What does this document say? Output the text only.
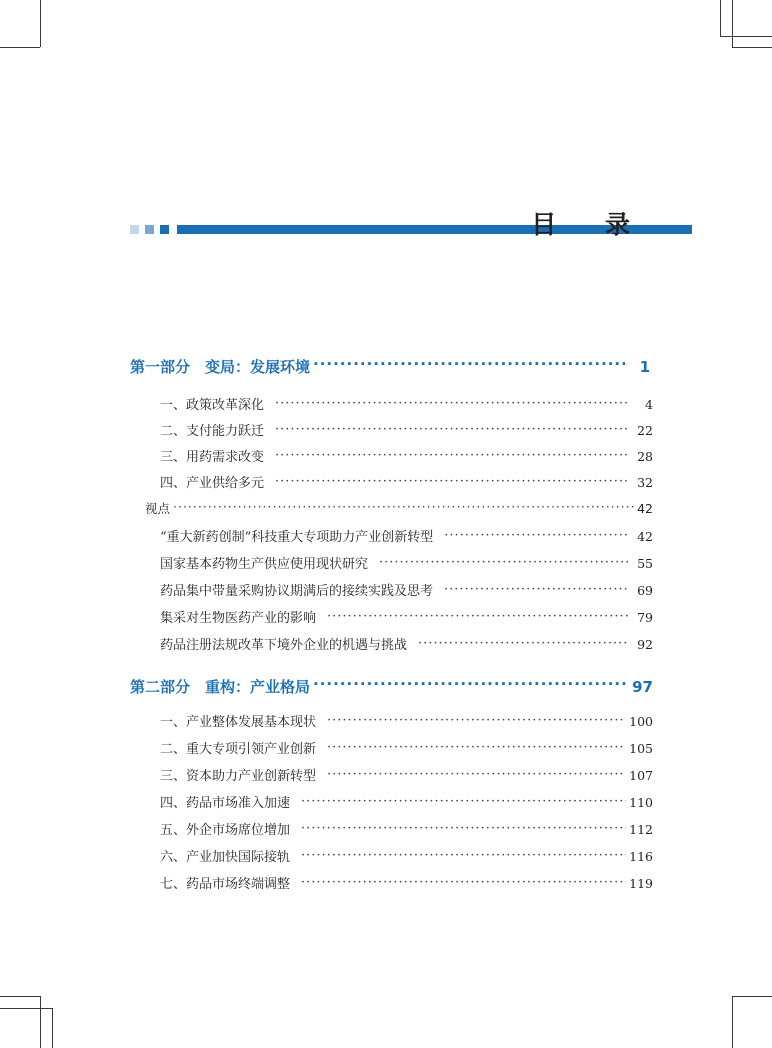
目 录
第一部分　变局：发展环境 ·····	1
一、政策改革深化 ·····	4
二、支付能力跃迁 ·····	22
三、用药需求改变 ·····	28
四、产业供给多元 ·····	32
视点 ·····	42
“重大新药创制”科技重大专项助力产业创新转型 ·····	42
国家基本药物生产供应使用现状研究 ·····	55
药品集中带量采购协议期满后的接续实践及思考 ·····	69
集采对生物医药产业的影响 ·····	79
药品注册法规改革下境外企业的机遇与挑战 ·····	92
第二部分　重构：产业格局 ·····	97
一、产业整体发展基本现状 ·····	100
二、重大专项引领产业创新 ·····	105
三、资本助力产业创新转型 ·····	107
四、药品市场准入加速 ·····	110
五、外企市场席位增加 ·····	112
六、产业加快国际接轨 ·····	116
七、药品市场终端调整 ·····	119
